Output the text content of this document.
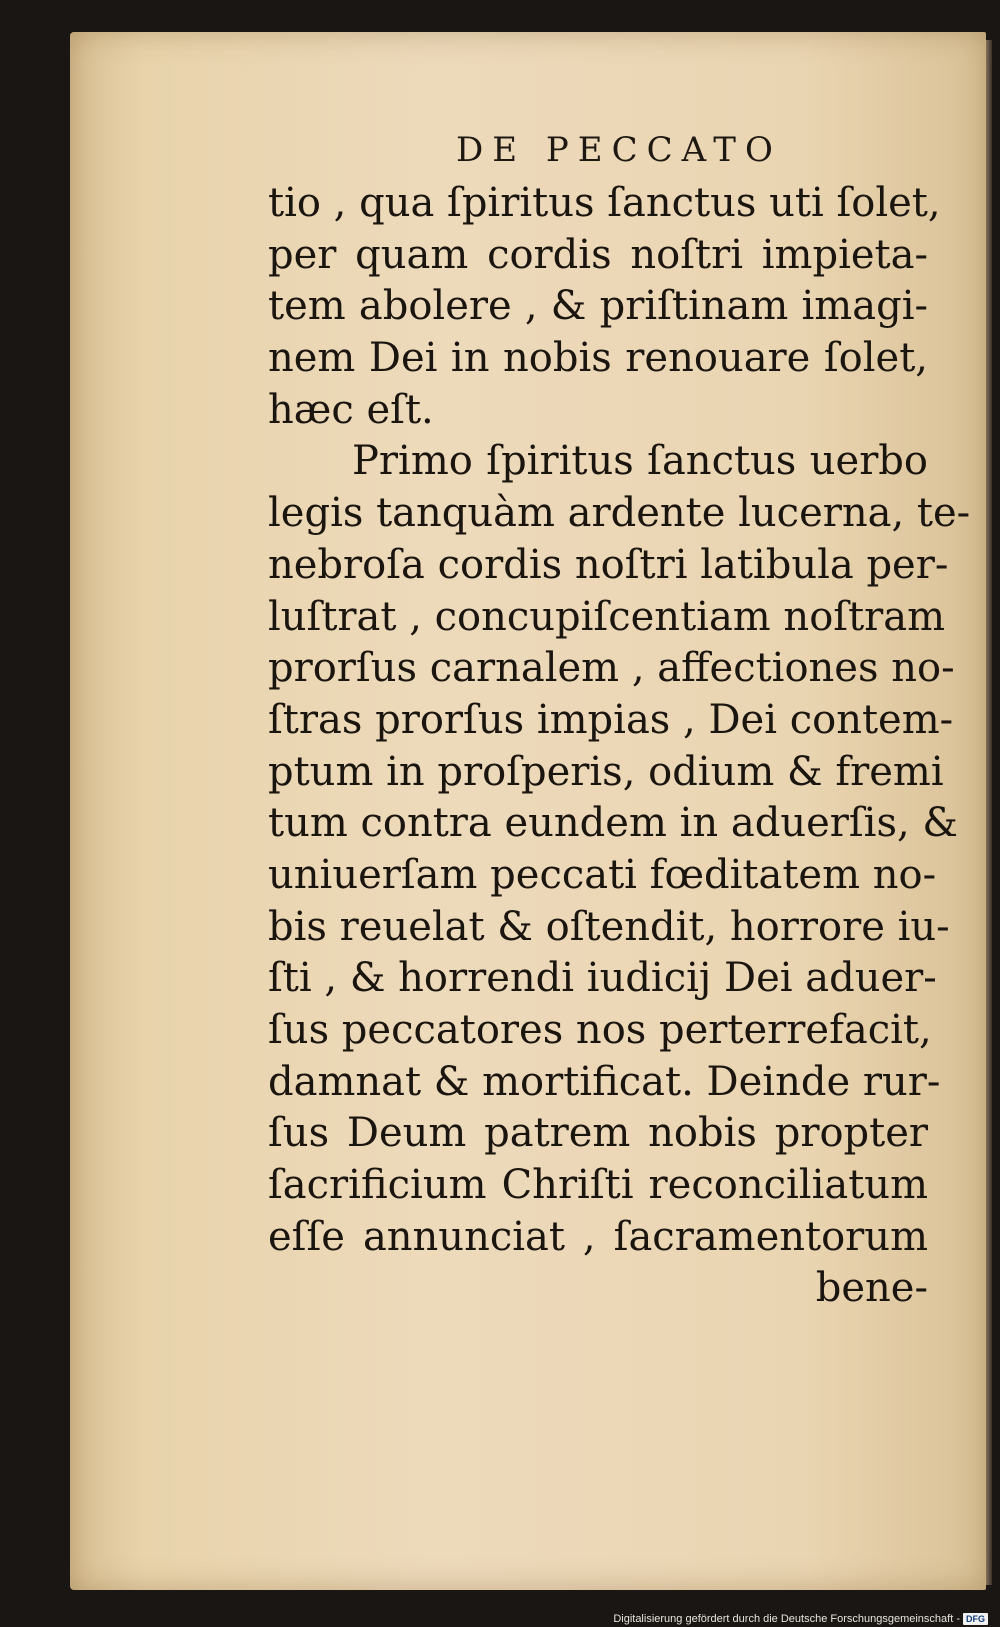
DE PECCATO
tio , qua ſpiritus ſanctus uti ſolet,
per quam cordis noſtri impieta-
tem abolere , & priſtinam imagi-
nem Dei in nobis renouare ſolet,
hæc eſt.
Primo ſpiritus ſanctus uerbo
legis tanquàm ardente lucerna, te-
nebroſa cordis noſtri latibula per-
luſtrat , concupiſcentiam noſtram
prorſus carnalem , affectiones no-
ſtras prorſus impias , Dei contem-
ptum in proſperis, odium & fremi
tum contra eundem in aduerſis, &
uniuerſam peccati fœditatem no-
bis reuelat & oſtendit, horrore iu-
ſti , & horrendi iudicij Dei aduer-
ſus peccatores nos perterrefacit,
damnat & mortificat. Deinde rur-
ſus Deum patrem nobis propter
ſacrificium Chriſti reconciliatum
eſſe annunciat , ſacramentorum
bene-
Digitalisierung gefördert durch die Deutsche Forschungsgemeinschaft - DFG
